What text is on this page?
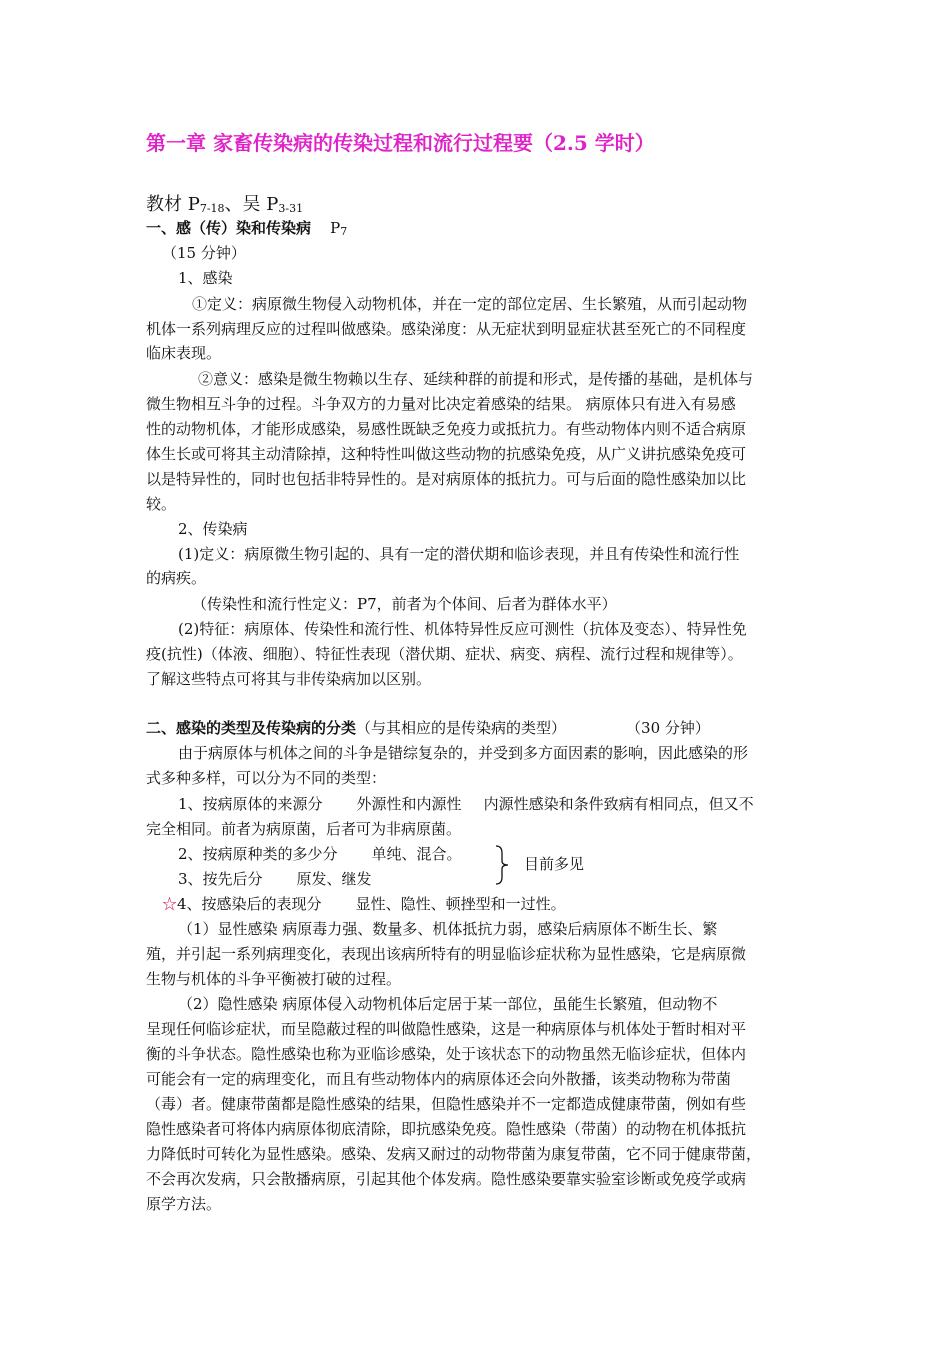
第一章 家畜传染病的传染过程和流行过程要（2.5 学时）
教材 $P_{7-18}$、吴 $P_{3-31}$
一、感（传）染和传染病 $P_7$
（15 分钟）
1、感染
①定义：病原微生物侵入动物机体，并在一定的部位定居、生长繁殖，从而引起动物
机体一系列病理反应的过程叫做感染。感染涕度：从无症状到明显症状甚至死亡的不同程度
临床表现。
②意义：感染是微生物赖以生存、延续种群的前提和形式，是传播的基础，是机体与
微生物相互斗争的过程。斗争双方的力量对比决定着感染的结果。 病原体只有进入有易感
性的动物机体，才能形成感染，易感性既缺乏免疫力或抵抗力。有些动物体内则不适合病原
体生长或可将其主动清除掉，这种特性叫做这些动物的抗感染免疫，从广义讲抗感染免疫可
以是特异性的，同时也包括非特异性的。是对病原体的抵抗力。可与后面的隐性感染加以比
较。
2、传染病
(1)定义：病原微生物引起的、具有一定的潜伏期和临诊表现，并且有传染性和流行性
的病疾。
（传染性和流行性定义：P7，前者为个体间、后者为群体水平）
(2)特征：病原体、传染性和流行性、机体特异性反应可测性（抗体及变态）、特异性免
疫(抗性)（体液、细胞）、特征性表现（潜伏期、症状、病变、病程、流行过程和规律等）。
了解这些特点可将其与非传染病加以区别。
二、感染的类型及传染病的分类（与其相应的是传染病的类型）	（30 分钟）
由于病原体与机体之间的斗争是错综复杂的，并受到多方面因素的影响，因此感染的形
式多种多样，可以分为不同的类型：
1、按病原体的来源分 外源性和内源性 内源性感染和条件致病有相同点，但又不
完全相同。前者为病原菌，后者可为非病原菌。
2、按病原种类的多少分 单纯、混合。
3、按先后分 原发、继发
目前多见
☆4、按感染后的表现分 显性、隐性、顿挫型和一过性。
（1）显性感染 病原毒力强、数量多、机体抵抗力弱，感染后病原体不断生长、繁
殖，并引起一系列病理变化，表现出该病所特有的明显临诊症状称为显性感染，它是病原微
生物与机体的斗争平衡被打破的过程。
（2）隐性感染 病原体侵入动物机体后定居于某一部位，虽能生长繁殖，但动物不
呈现任何临诊症状，而呈隐蔽过程的叫做隐性感染，这是一种病原体与机体处于暂时相对平
衡的斗争状态。隐性感染也称为亚临诊感染，处于该状态下的动物虽然无临诊症状，但体内
可能会有一定的病理变化，而且有些动物体内的病原体还会向外散播，该类动物称为带菌
（毒）者。健康带菌都是隐性感染的结果，但隐性感染并不一定都造成健康带菌，例如有些
隐性感染者可将体内病原体彻底清除，即抗感染免疫。隐性感染（带菌）的动物在机体抵抗
力降低时可转化为显性感染。感染、发病又耐过的动物带菌为康复带菌，它不同于健康带菌，
不会再次发病，只会散播病原，引起其他个体发病。隐性感染要靠实验室诊断或免疫学或病
原学方法。
